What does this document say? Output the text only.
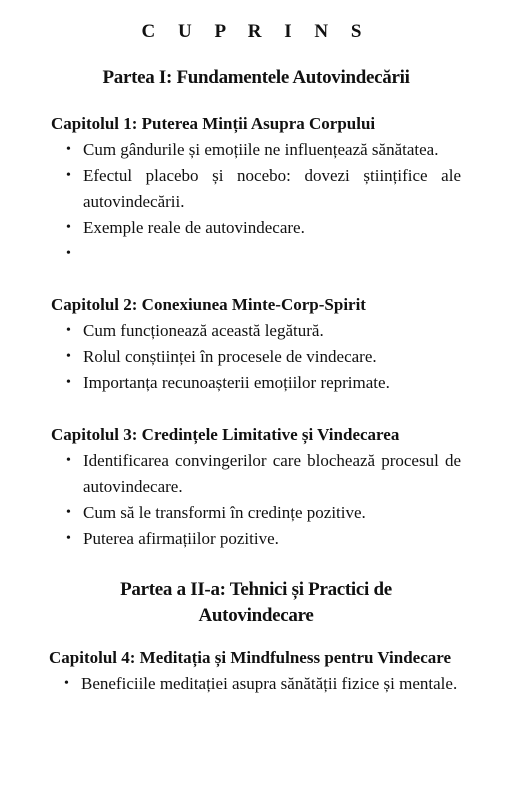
C U P R I N S
Partea I: Fundamentele Autovindecării
Capitolul 1: Puterea Minții Asupra Corpului
• Cum gândurile și emoțiile ne influențează sănătatea.
• Efectul placebo și nocebo: dovezi științifice ale autovindecării.
• Exemple reale de autovindecare.
•

Capitolul 2: Conexiunea Minte-Corp-Spirit
• Cum funcționează această legătură.
• Rolul conștiinței în procesele de vindecare.
• Importanța recunoașterii emoțiilor reprimate.
Capitolul 3: Credințele Limitative și Vindecarea
• Identificarea convingerilor care blochează procesul de autovindecare.
• Cum să le transformi în credințe pozitive.
• Puterea afirmațiilor pozitive.
Partea a II-a: Tehnici și Practici de
Autovindecare
Capitolul 4: Meditația și Mindfulness pentru Vindecare
• Beneficiile meditației asupra sănătății fizice și mentale.
